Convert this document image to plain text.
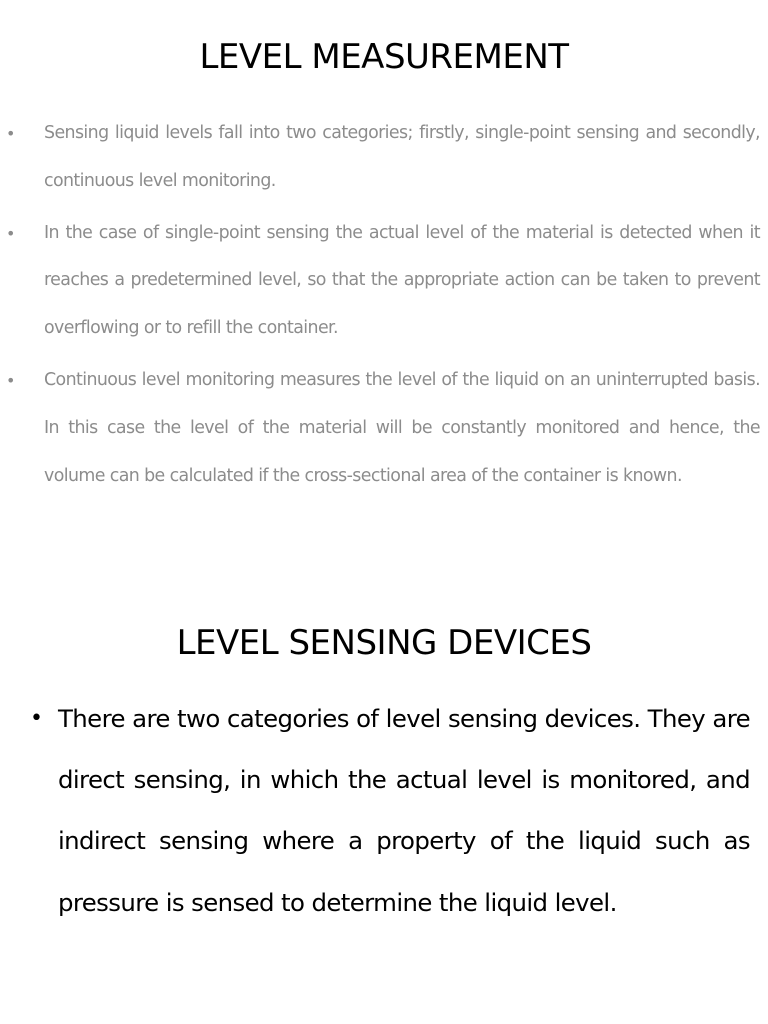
LEVEL MEASUREMENT
• Sensing liquid levels fall into two categories; firstly, single-point sensing and secondly, continuous level monitoring.
• In the case of single-point sensing the actual level of the material is detected when it reaches a predetermined level, so that the appropriate action can be taken to prevent overflowing or to refill the container.
• Continuous level monitoring measures the level of the liquid on an uninterrupted basis. In this case the level of the material will be constantly monitored and hence, the volume can be calculated if the cross-sectional area of the container is known.
LEVEL SENSING DEVICES
• There are two categories of level sensing devices. They are direct sensing, in which the actual level is monitored, and indirect sensing where a property of the liquid such as pressure is sensed to determine the liquid level.
